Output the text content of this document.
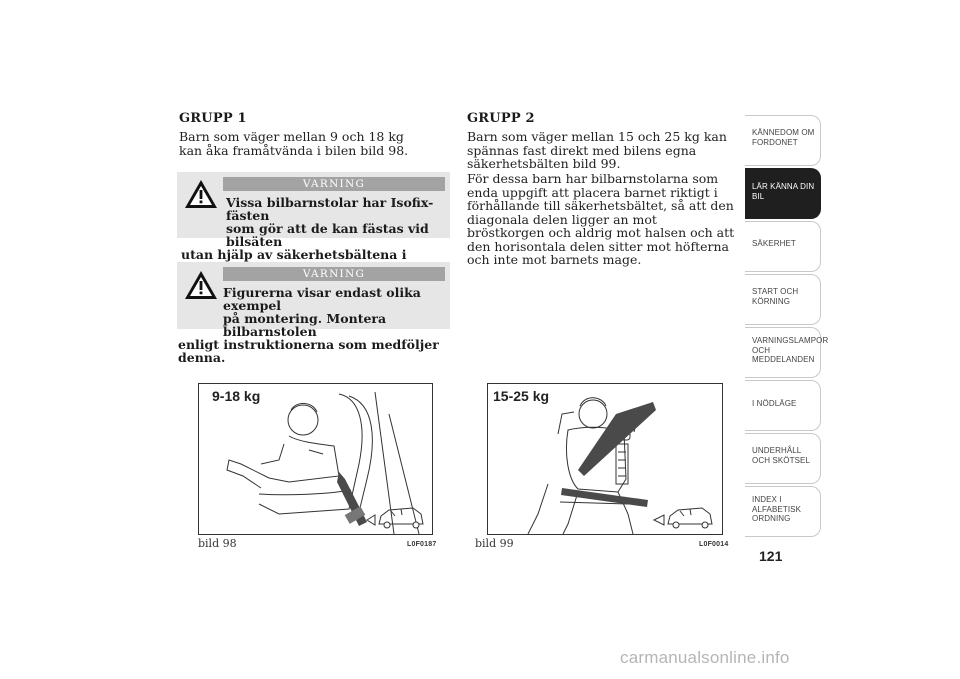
GRUPP 1
Barn som väger mellan 9 och 18 kg kan åka framåtvända i bilen bild 98.
VARNING
Vissa bilbarnstolar har Isofix-fästen
som gör att de kan fästas vid bilsäten
utan hjälp av säkerhetsbältena i
VARNING
Figurerna visar endast olika exempel
på montering. Montera bilbarnstolen
enligt instruktionerna som medföljer denna.
GRUPP 2
Barn som väger mellan 15 och 25 kg kan spännas fast direkt med bilens egna säkerhetsbälten bild 99.
För dessa barn har bilbarnstolarna som enda uppgift att placera barnet riktigt i förhållande till säkerhetsbältet, så att den diagonala delen ligger an mot bröstkorgen och aldrig mot halsen och att den horisontala delen sitter mot höfterna och inte mot barnets mage.
9-18 kg
bild 98	L0F0187
15-25 kg
bild 99	L0F0014
KÄNNEDOM OM FORDONET
LÄR KÄNNA DIN BIL
SÄKERHET
START OCH KÖRNING
VARNINGSLAMPOR OCH MEDDELANDEN
I NÖDLÄGE
UNDERHÅLL OCH SKÖTSEL
INDEX I ALFABETISK ORDNING
121
carmanualsonline.info
